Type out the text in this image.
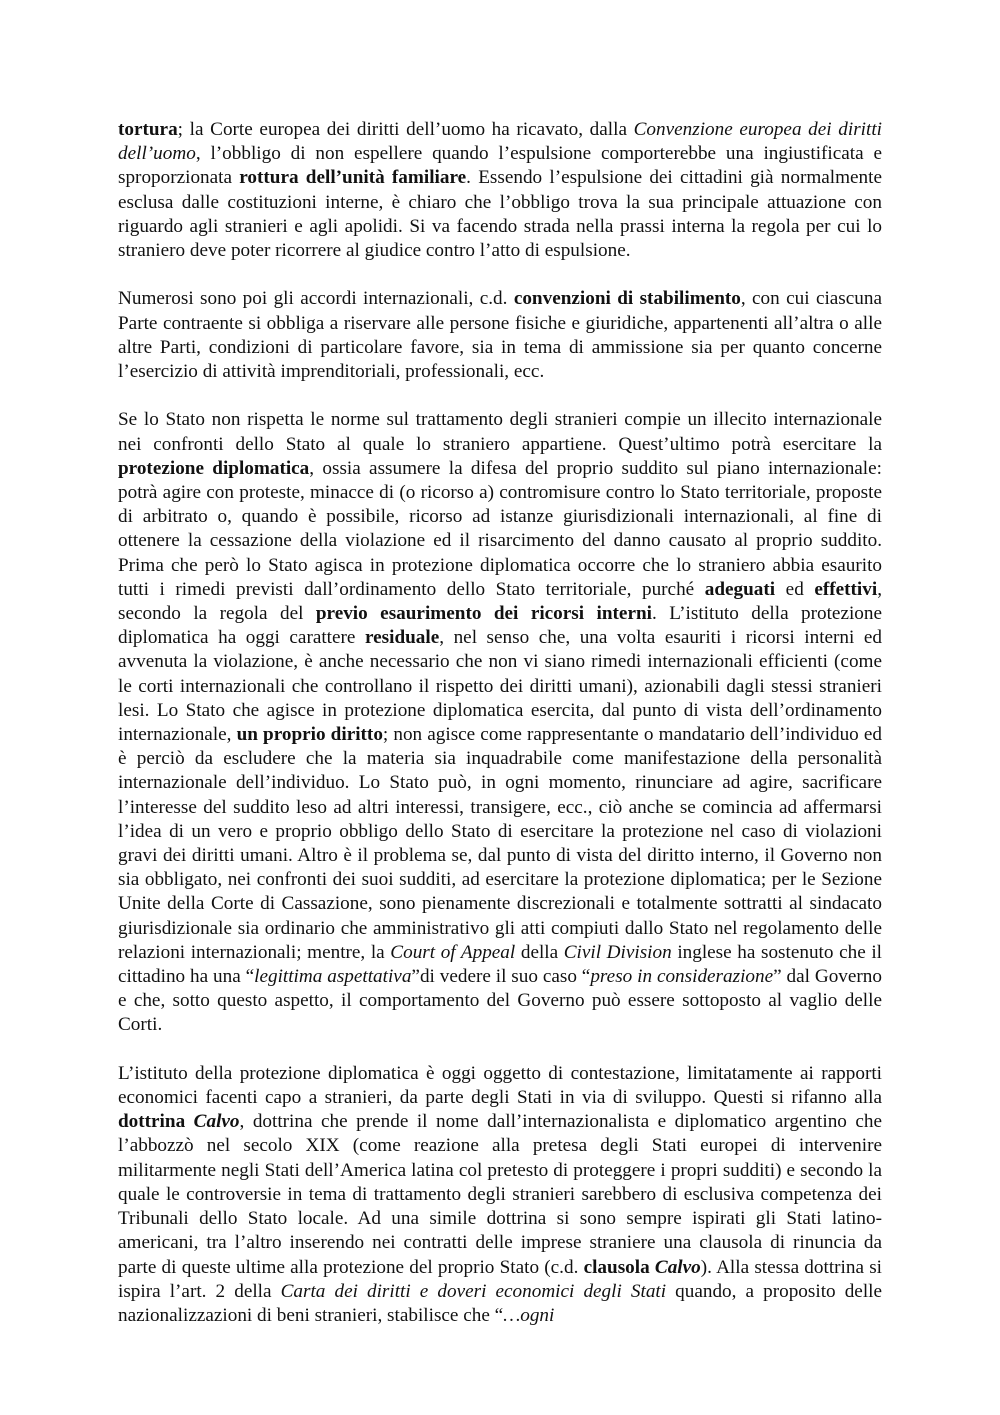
tortura; la Corte europea dei diritti dell’uomo ha ricavato, dalla Convenzione europea dei diritti dell’uomo, l’obbligo di non espellere quando l’espulsione comporterebbe una ingiustificata e sproporzionata rottura dell’unità familiare. Essendo l’espulsione dei cittadini già normalmente esclusa dalle costituzioni interne, è chiaro che l’obbligo trova la sua principale attuazione con riguardo agli stranieri e agli apolidi. Si va facendo strada nella prassi interna la regola per cui lo straniero deve poter ricorrere al giudice contro l’atto di espulsione.

Numerosi sono poi gli accordi internazionali, c.d. convenzioni di stabilimento, con cui ciascuna Parte contraente si obbliga a riservare alle persone fisiche e giuridiche, appartenenti all’altra o alle altre Parti, condizioni di particolare favore, sia in tema di ammissione sia per quanto concerne l’esercizio di attività imprenditoriali, professionali, ecc.

Se lo Stato non rispetta le norme sul trattamento degli stranieri compie un illecito internazionale nei confronti dello Stato al quale lo straniero appartiene. Quest’ultimo potrà esercitare la protezione diplomatica, ossia assumere la difesa del proprio suddito sul piano internazionale: potrà agire con proteste, minacce di (o ricorso a) contromisure contro lo Stato territoriale, proposte di arbitrato o, quando è possibile, ricorso ad istanze giurisdizionali internazionali, al fine di ottenere la cessazione della violazione ed il risarcimento del danno causato al proprio suddito. Prima che però lo Stato agisca in protezione diplomatica occorre che lo straniero abbia esaurito tutti i rimedi previsti dall’ordinamento dello Stato territoriale, purché adeguati ed effettivi, secondo la regola del previo esaurimento dei ricorsi interni. L’istituto della protezione diplomatica ha oggi carattere residuale, nel senso che, una volta esauriti i ricorsi interni ed avvenuta la violazione, è anche necessario che non vi siano rimedi internazionali efficienti (come le corti internazionali che controllano il rispetto dei diritti umani), azionabili dagli stessi stranieri lesi. Lo Stato che agisce in protezione diplomatica esercita, dal punto di vista dell’ordinamento internazionale, un proprio diritto; non agisce come rappresentante o mandatario dell’individuo ed è perciò da escludere che la materia sia inquadrabile come manifestazione della personalità internazionale dell’individuo. Lo Stato può, in ogni momento, rinunciare ad agire, sacrificare l’interesse del suddito leso ad altri interessi, transigere, ecc., ciò anche se comincia ad affermarsi l’idea di un vero e proprio obbligo dello Stato di esercitare la protezione nel caso di violazioni gravi dei diritti umani. Altro è il problema se, dal punto di vista del diritto interno, il Governo non sia obbligato, nei confronti dei suoi sudditi, ad esercitare la protezione diplomatica; per le Sezione Unite della Corte di Cassazione, sono pienamente discrezionali e totalmente sottratti al sindacato giurisdizionale sia ordinario che amministrativo gli atti compiuti dallo Stato nel regolamento delle relazioni internazionali; mentre, la Court of Appeal della Civil Division inglese ha sostenuto che il cittadino ha una “legittima aspettativa”di vedere il suo caso “preso in considerazione” dal Governo e che, sotto questo aspetto, il comportamento del Governo può essere sottoposto al vaglio delle Corti.

L’istituto della protezione diplomatica è oggi oggetto di contestazione, limitatamente ai rapporti economici facenti capo a stranieri, da parte degli Stati in via di sviluppo. Questi si rifanno alla dottrina Calvo, dottrina che prende il nome dall’internazionalista e diplomatico argentino che l’abbozzò nel secolo XIX (come reazione alla pretesa degli Stati europei di intervenire militarmente negli Stati dell’America latina col pretesto di proteggere i propri sudditi) e secondo la quale le controversie in tema di trattamento degli stranieri sarebbero di esclusiva competenza dei Tribunali dello Stato locale. Ad una simile dottrina si sono sempre ispirati gli Stati latino-americani, tra l’altro inserendo nei contratti delle imprese straniere una clausola di rinuncia da parte di queste ultime alla protezione del proprio Stato (c.d. clausola Calvo). Alla stessa dottrina si ispira l’art. 2 della Carta dei diritti e doveri economici degli Stati quando, a proposito delle nazionalizzazioni di beni stranieri, stabilisce che “…ogni
